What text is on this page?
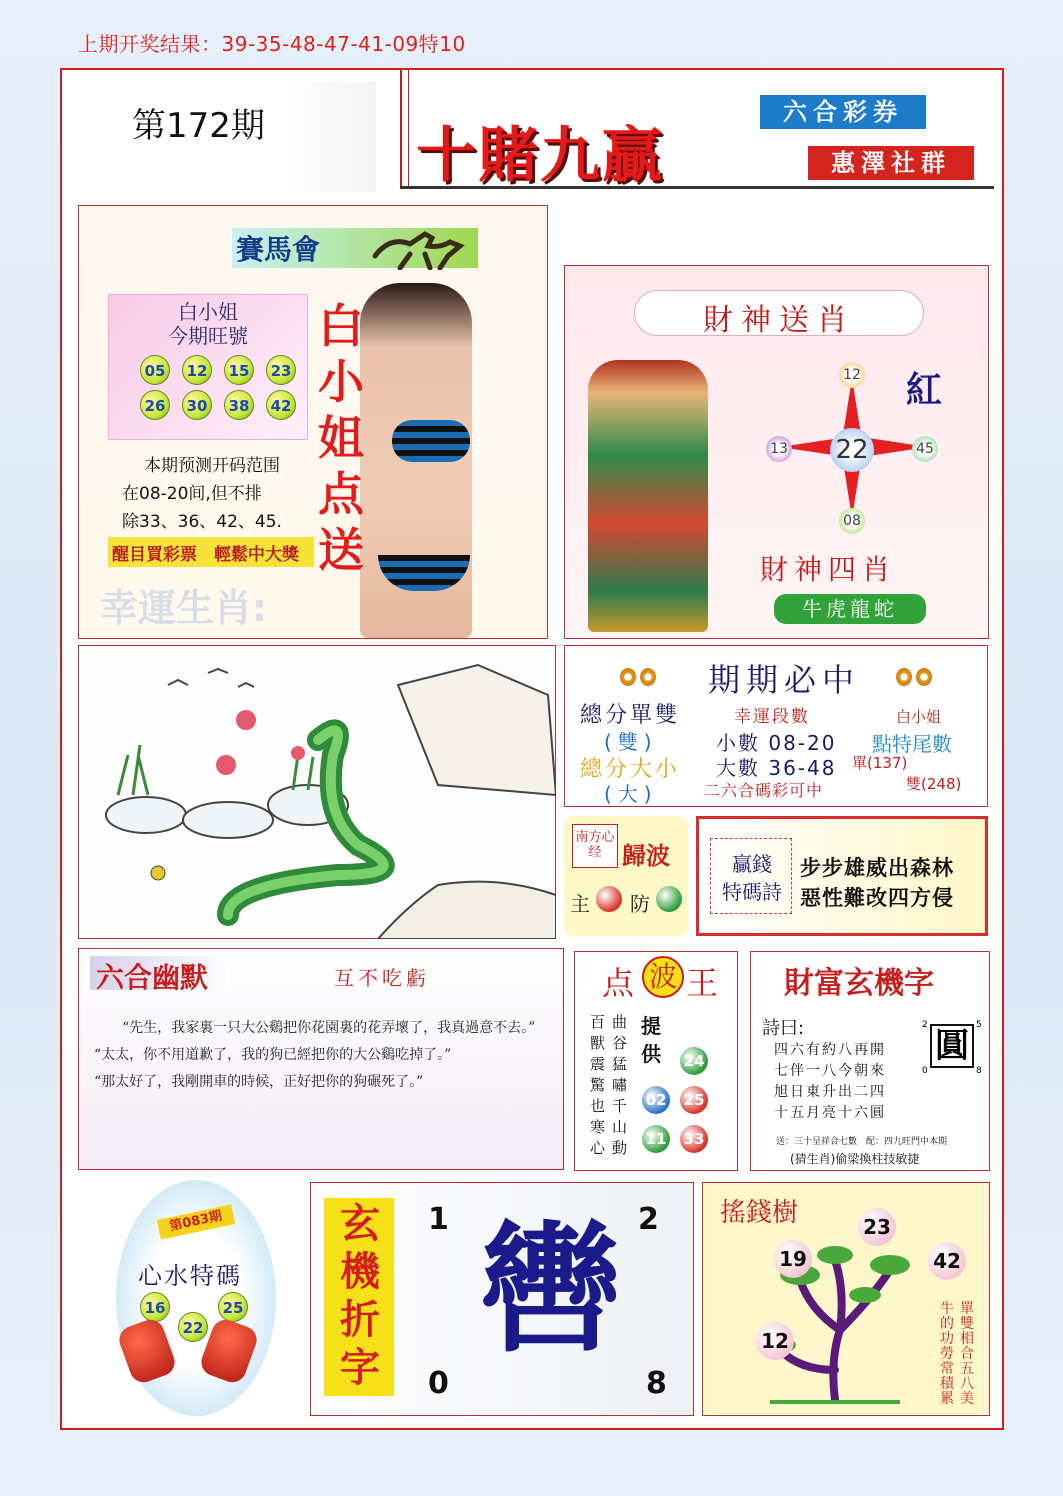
上期开奖结果：39-35-48-47-41-09特10
第172期	十賭九贏
六合彩券
惠澤社群
賽馬會
白小姐
今期旺號
05	12	15	23
26	30	38	42
本期预测开码范围
在08-20间,但不排
除33、36、42、45.
醒目買彩票　輕鬆中大獎
白
小
姐
点
送
幸運生肖:
財神送肖
12
13 22	45
08
紅
財神四肖
牛虎龍蛇
期期必中
總分單雙
(雙)
總分大小
(大)
幸運段數
小數 08-20
大數 36-48
二六合碼彩可中
白小姐
點特尾數
單(137)
雙(248)
南方心经 歸波
主 防
贏錢
特碼詩
步步雄威出森林
惡性難改四方侵
六合幽默	互不吃虧
　　“先生，我家裏一只大公鷄把你花園裏的花弄壞了，我真過意不去。”
“太太，你不用道歉了，我的狗已經把你的大公鷄吃掉了。”
“那太好了，我剛開車的時候，正好把你的狗碾死了。”
点 波 王
百獸震驚也寒心
曲谷猛嘯千山動
提供 24
02 25
11 33
財富玄機字
詩曰:
四六有約八再開
七伴一八今朝來
旭日東升出二四
十五月亮十六圓
圓
2	5
0	8
送：三十呈祥合七數　配：四九旺門中本期
(猜生肖)偷梁換柱技敏捷
第083期
心水特碼
16
22
25
玄
機
折
字 轡
1	2
0	8
搖錢樹	23
19	42
12
單雙相合五八美
牛的功勞常積累
